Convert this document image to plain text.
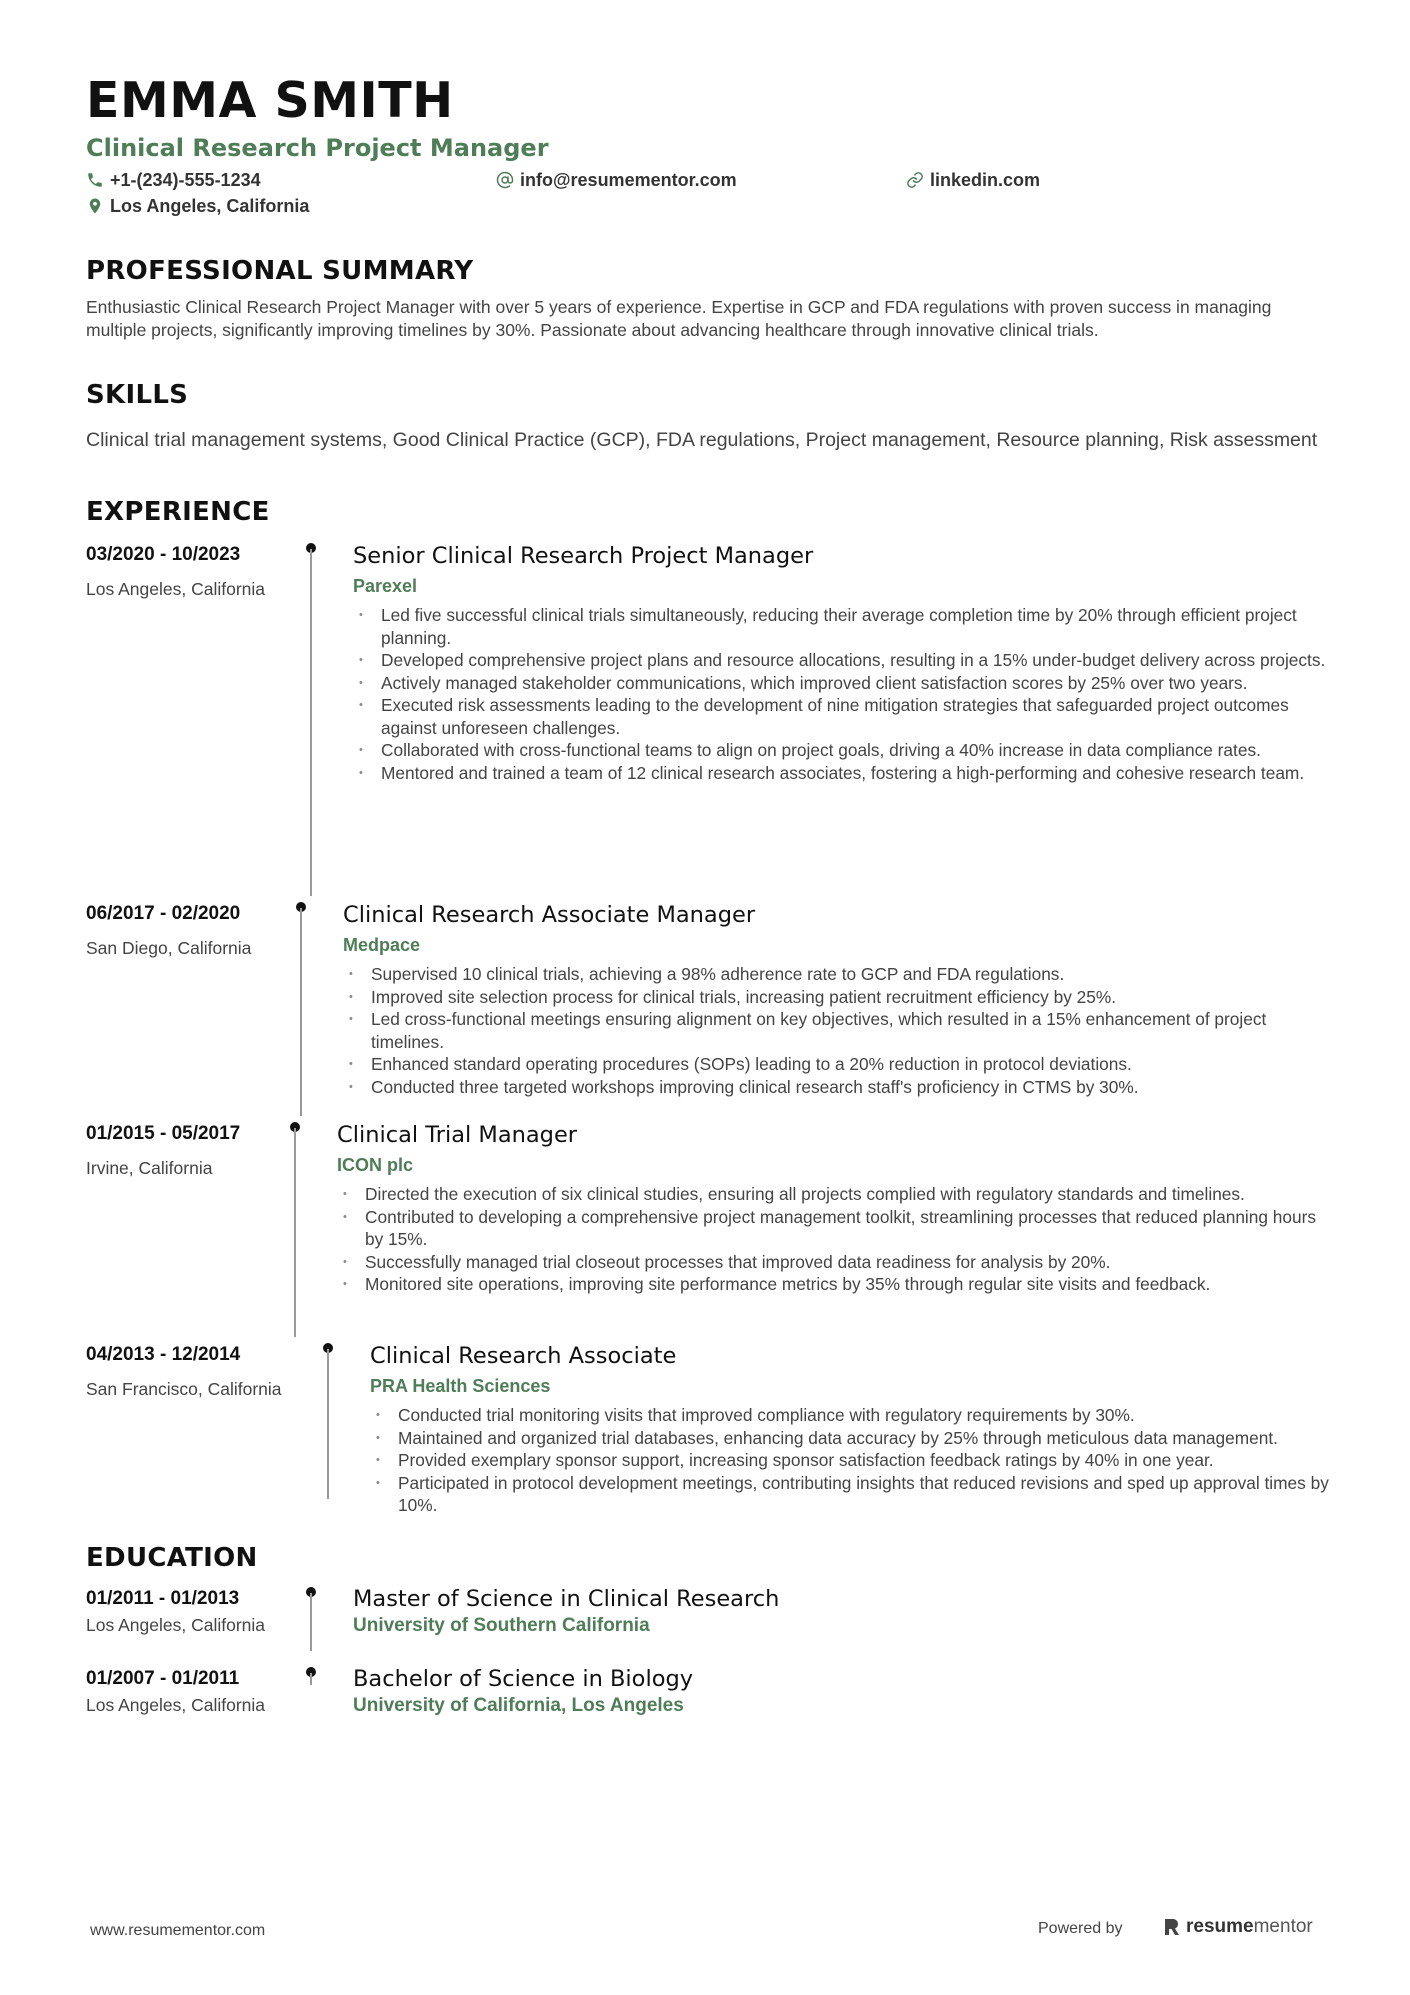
EMMA SMITH
Clinical Research Project Manager
+1-(234)-555-1234	info@resumementor.com	linkedin.com
Los Angeles, California
PROFESSIONAL SUMMARY
Enthusiastic Clinical Research Project Manager with over 5 years of experience. Expertise in GCP and FDA regulations with proven success in managing multiple projects, significantly improving timelines by 30%. Passionate about advancing healthcare through innovative clinical trials.
SKILLS
Clinical trial management systems, Good Clinical Practice (GCP), FDA regulations, Project management, Resource planning, Risk assessment
EXPERIENCE
03/2020 - 10/2023
Los Angeles, California
Senior Clinical Research Project Manager
Parexel
• Led five successful clinical trials simultaneously, reducing their average completion time by 20% through efficient project planning.
• Developed comprehensive project plans and resource allocations, resulting in a 15% under-budget delivery across projects.
• Actively managed stakeholder communications, which improved client satisfaction scores by 25% over two years.
• Executed risk assessments leading to the development of nine mitigation strategies that safeguarded project outcomes against unforeseen challenges.
• Collaborated with cross-functional teams to align on project goals, driving a 40% increase in data compliance rates.
• Mentored and trained a team of 12 clinical research associates, fostering a high-performing and cohesive research team.
06/2017 - 02/2020
San Diego, California
Clinical Research Associate Manager
Medpace
• Supervised 10 clinical trials, achieving a 98% adherence rate to GCP and FDA regulations.
• Improved site selection process for clinical trials, increasing patient recruitment efficiency by 25%.
• Led cross-functional meetings ensuring alignment on key objectives, which resulted in a 15% enhancement of project timelines.
• Enhanced standard operating procedures (SOPs) leading to a 20% reduction in protocol deviations.
• Conducted three targeted workshops improving clinical research staff's proficiency in CTMS by 30%.
01/2015 - 05/2017
Irvine, California
Clinical Trial Manager
ICON plc
• Directed the execution of six clinical studies, ensuring all projects complied with regulatory standards and timelines.
• Contributed to developing a comprehensive project management toolkit, streamlining processes that reduced planning hours by 15%.
• Successfully managed trial closeout processes that improved data readiness for analysis by 20%.
• Monitored site operations, improving site performance metrics by 35% through regular site visits and feedback.
04/2013 - 12/2014
San Francisco, California
Clinical Research Associate
PRA Health Sciences
• Conducted trial monitoring visits that improved compliance with regulatory requirements by 30%.
• Maintained and organized trial databases, enhancing data accuracy by 25% through meticulous data management.
• Provided exemplary sponsor support, increasing sponsor satisfaction feedback ratings by 40% in one year.
• Participated in protocol development meetings, contributing insights that reduced revisions and sped up approval times by 10%.
EDUCATION
01/2011 - 01/2013
Los Angeles, California
Master of Science in Clinical Research
University of Southern California
01/2007 - 01/2011
Los Angeles, California
Bachelor of Science in Biology
University of California, Los Angeles
www.resumementor.com	Powered by	resumementor
